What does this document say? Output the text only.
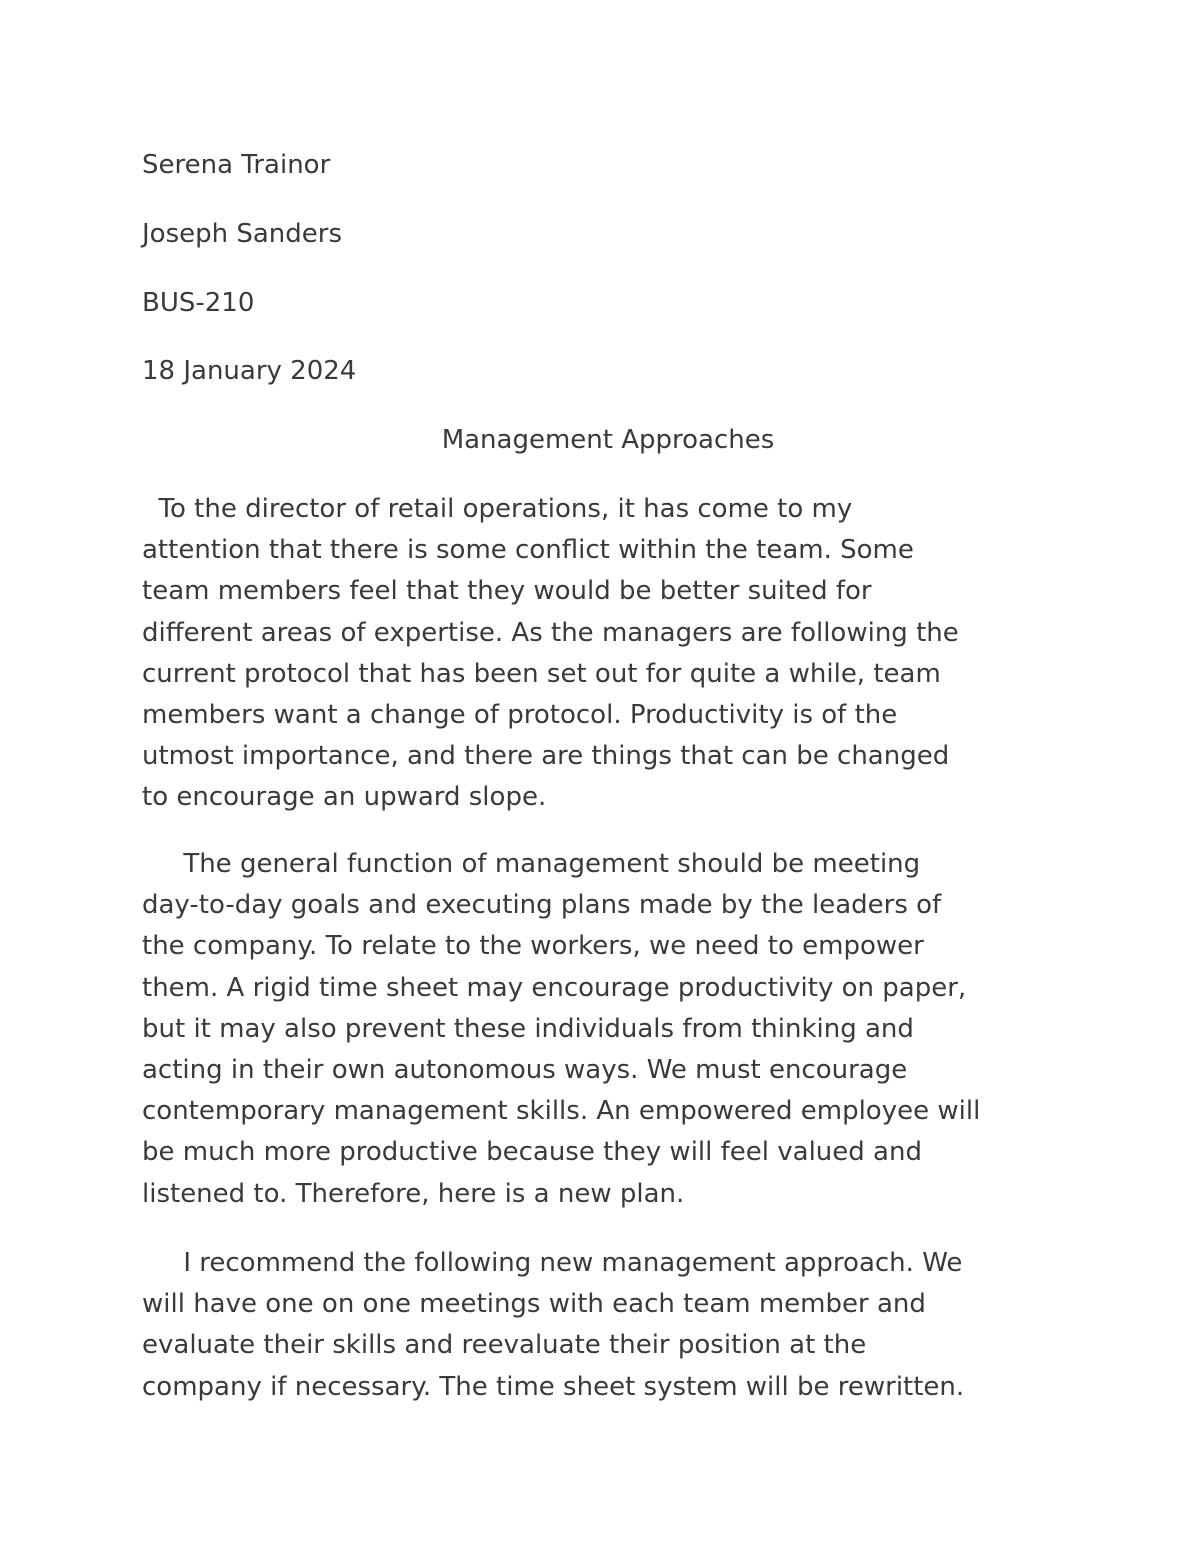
Serena Trainor

Joseph Sanders

BUS-210

18 January 2024

Management Approaches

To the director of retail operations, it has come to my
attention that there is some conflict within the team. Some
team members feel that they would be better suited for
different areas of expertise. As the managers are following the
current protocol that has been set out for quite a while, team
members want a change of protocol. Productivity is of the
utmost importance, and there are things that can be changed
to encourage an upward slope.
The general function of management should be meeting
day-to-day goals and executing plans made by the leaders of
the company. To relate to the workers, we need to empower
them. A rigid time sheet may encourage productivity on paper,
but it may also prevent these individuals from thinking and
acting in their own autonomous ways. We must encourage
contemporary management skills. An empowered employee will
be much more productive because they will feel valued and
listened to. Therefore, here is a new plan.
I recommend the following new management approach. We
will have one on one meetings with each team member and
evaluate their skills and reevaluate their position at the
company if necessary. The time sheet system will be rewritten.
